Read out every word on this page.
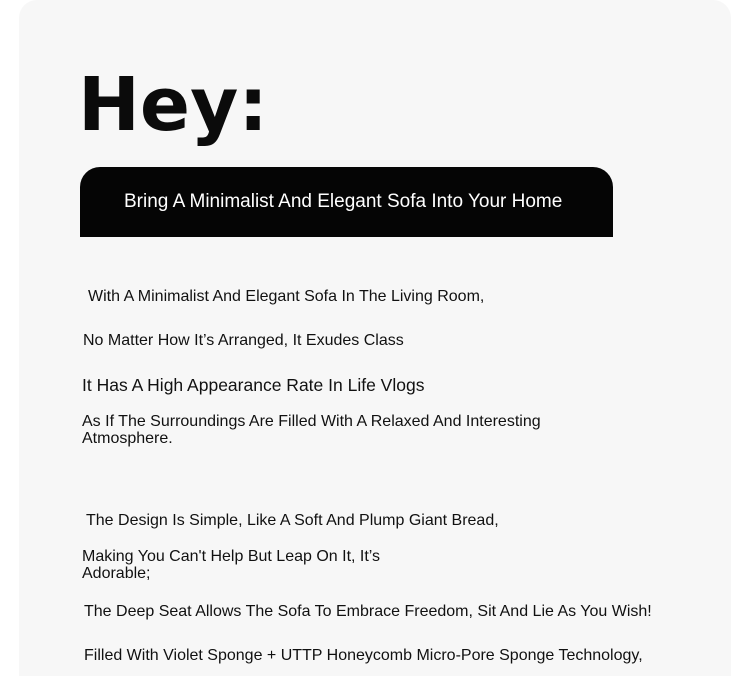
Hey:
Bring A Minimalist And Elegant Sofa Into Your Home

With A Minimalist And Elegant Sofa In The Living Room,

No Matter How It’s Arranged, It Exudes Class

It Has A High Appearance Rate In Life Vlogs

As If The Surroundings Are Filled With A Relaxed And Interesting Atmosphere.

The Design Is Simple, Like A Soft And Plump Giant Bread,

Making You Can't Help But Leap On It, It’s Adorable;

The Deep Seat Allows The Sofa To Embrace Freedom, Sit And Lie As You Wish!

Filled With Violet Sponge + UTTP Honeycomb Micro-Pore Sponge Technology,
